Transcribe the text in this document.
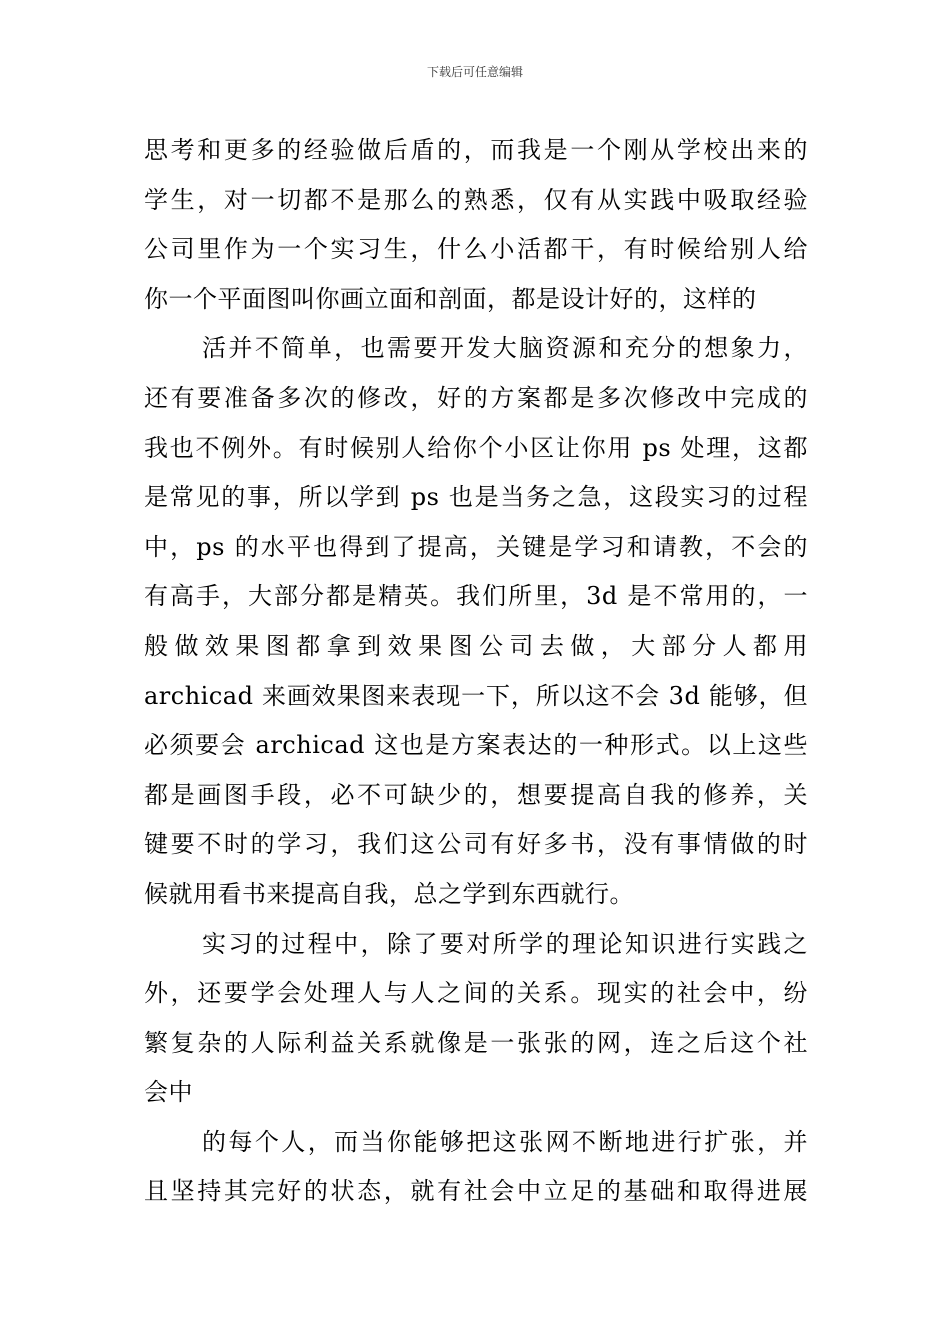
下载后可任意编辑
思考和更多的经验做后盾的，而我是一个刚从学校出来的
学生，对一切都不是那么的熟悉，仅有从实践中吸取经验
公司里作为一个实习生，什么小活都干，有时候给别人给
你一个平面图叫你画立面和剖面，都是设计好的，这样的
活并不简单，也需要开发大脑资源和充分的想象力，
还有要准备多次的修改，好的方案都是多次修改中完成的
我也不例外。有时候别人给你个小区让你用 ps 处理，这都
是常见的事，所以学到 ps 也是当务之急，这段实习的过程
中，ps 的水平也得到了提高，关键是学习和请教，不会的
有高手，大部分都是精英。我们所里，3d 是不常用的，一
般做效果图都拿到效果图公司去做，大部分人都用
archicad 来画效果图来表现一下，所以这不会 3d 能够，但
必须要会 archicad 这也是方案表达的一种形式。以上这些
都是画图手段，必不可缺少的，想要提高自我的修养，关
键要不时的学习，我们这公司有好多书，没有事情做的时
候就用看书来提高自我，总之学到东西就行。
实习的过程中，除了要对所学的理论知识进行实践之
外，还要学会处理人与人之间的关系。现实的社会中，纷
繁复杂的人际利益关系就像是一张张的网，连之后这个社
会中
的每个人，而当你能够把这张网不断地进行扩张，并
且坚持其完好的状态，就有社会中立足的基础和取得进展
